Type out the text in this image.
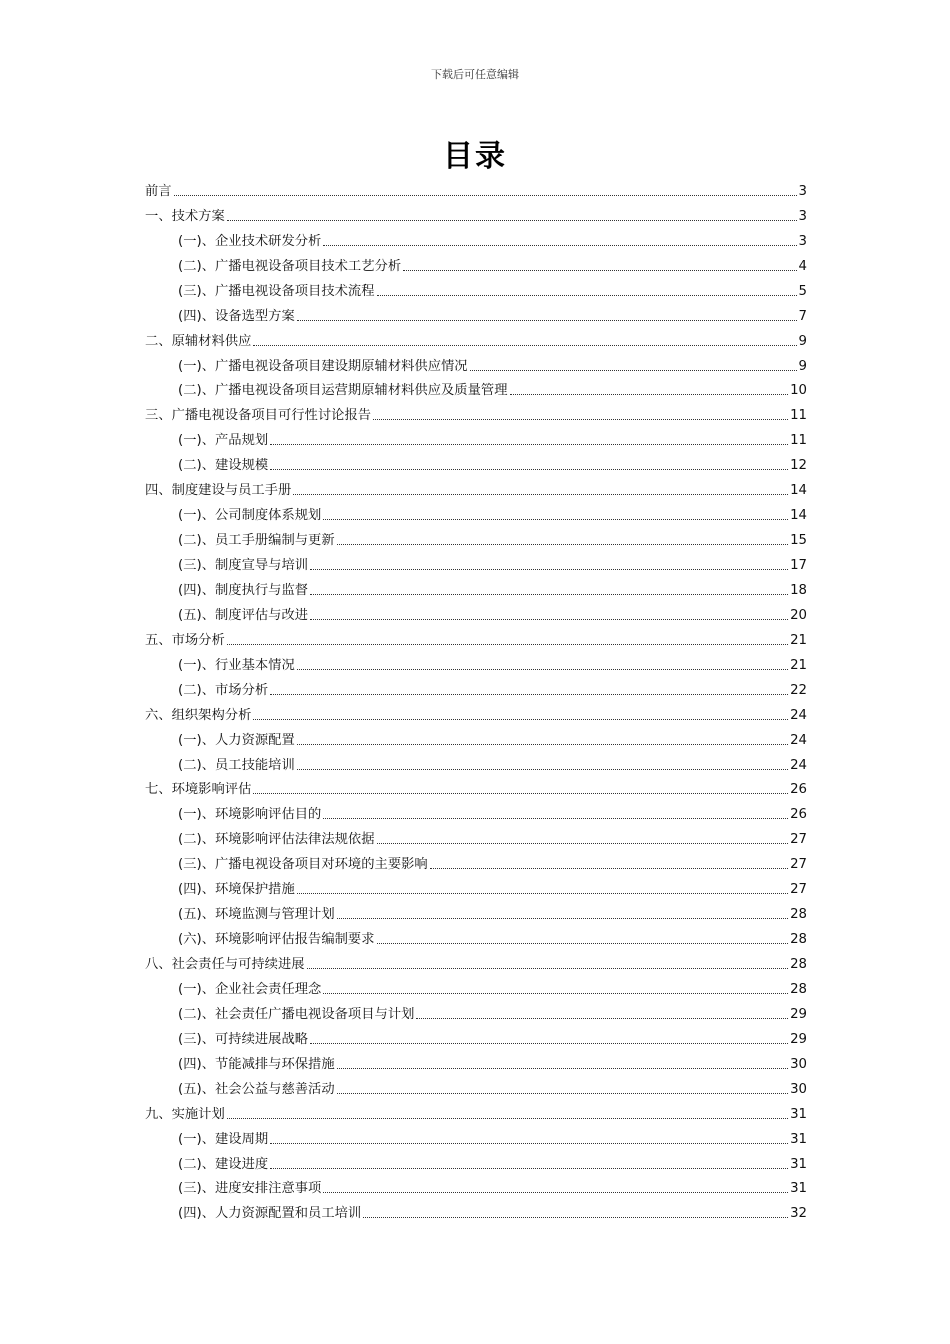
下载后可任意编辑
目录
前言	3
一、技术方案	3
(一)、企业技术研发分析	3
(二)、广播电视设备项目技术工艺分析	4
(三)、广播电视设备项目技术流程	5
(四)、设备选型方案	7
二、原辅材料供应	9
(一)、广播电视设备项目建设期原辅材料供应情况	9
(二)、广播电视设备项目运营期原辅材料供应及质量管理	10
三、广播电视设备项目可行性讨论报告	11
(一)、产品规划	11
(二)、建设规模	12
四、制度建设与员工手册	14
(一)、公司制度体系规划	14
(二)、员工手册编制与更新	15
(三)、制度宣导与培训	17
(四)、制度执行与监督	18
(五)、制度评估与改进	20
五、市场分析	21
(一)、行业基本情况	21
(二)、市场分析	22
六、组织架构分析	24
(一)、人力资源配置	24
(二)、员工技能培训	24
七、环境影响评估	26
(一)、环境影响评估目的	26
(二)、环境影响评估法律法规依据	27
(三)、广播电视设备项目对环境的主要影响	27
(四)、环境保护措施	27
(五)、环境监测与管理计划	28
(六)、环境影响评估报告编制要求	28
八、社会责任与可持续进展	28
(一)、企业社会责任理念	28
(二)、社会责任广播电视设备项目与计划	29
(三)、可持续进展战略	29
(四)、节能减排与环保措施	30
(五)、社会公益与慈善活动	30
九、实施计划	31
(一)、建设周期	31
(二)、建设进度	31
(三)、进度安排注意事项	31
(四)、人力资源配置和员工培训	32
